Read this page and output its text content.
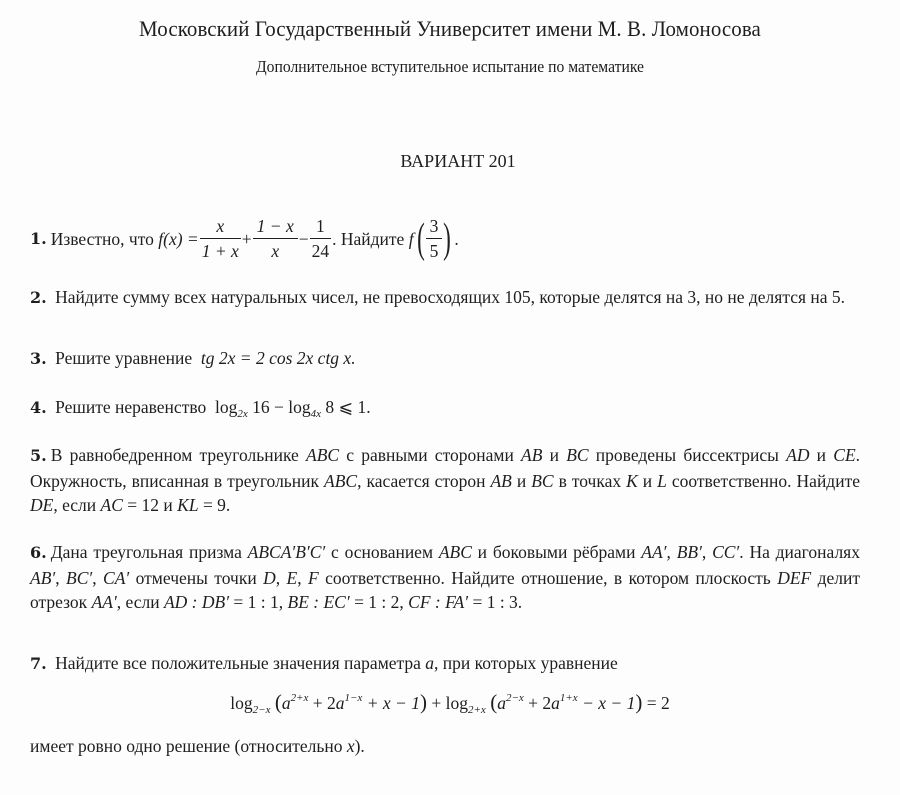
Московский Государственный Университет имени М. В. Ломоносова
Дополнительное вступительное испытание по математике
ВАРИАНТ 201
1. Известно, что
$f(x) = \frac{x}{1 + x} + \frac{1 - x}{x} - \frac{1}{24}$ . Найдите
f ( $\frac{3}{5}$ ) .
2. Найдите сумму всех натуральных чисел, не превосходящих 105, которые делятся на 3, но не делятся на 5.
3. Решите уравнение tg 2x = 2 cos 2x ctg x.
4. Решите неравенство $\log_{2x} 16 - \log_{4x} 8$ ⩽ 1.
5. В равнобедренном треугольнике ABC с равными сторонами AB и BC проведены биссектрисы AD и CE. Окружность, вписанная в треугольник ABC, касается сторон AB и BC в точках K и L соответственно. Найдите DE, если AC = 12 и KL = 9.
6. Дана треугольная призма ABCA′B′C′ с основанием ABC и боковыми рёбрами AA′, BB′, CC′. На диагоналях AB′, BC′, CA′ отмечены точки D, E, F соответственно. Найдите отношение, в котором плоскость DEF делит отрезок AA′, если AD : DB′ = 1 : 1, BE : EC′ = 1 : 2, CF : FA′ = 1 : 3.
7. Найдите все положительные значения параметра a, при которых уравнение
$\log_{2-x} (a^{2+x} + 2a^{1-x} + x - 1) + \log_{2+x} (a^{2-x} + 2a^{1+x} - x - 1) = 2$
имеет ровно одно решение (относительно x).
